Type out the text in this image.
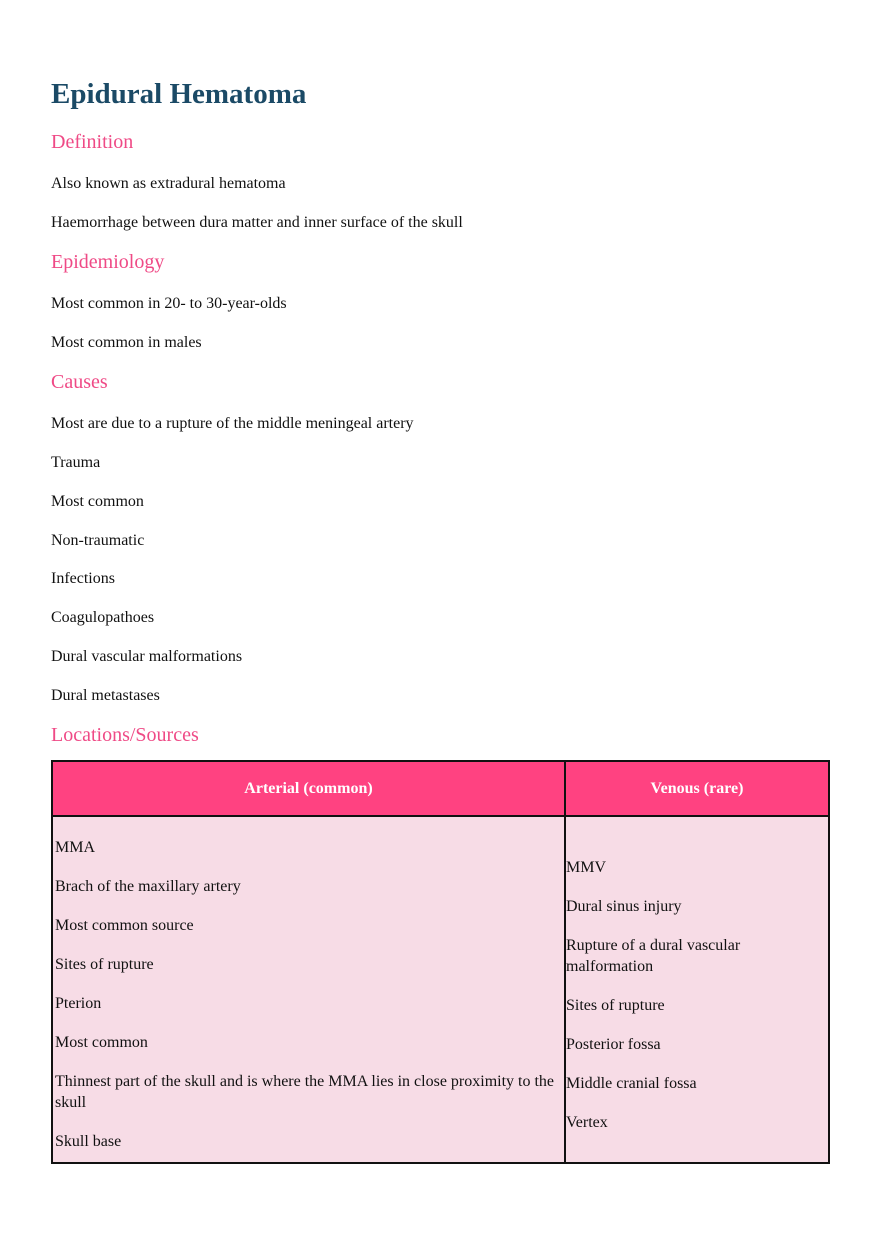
Epidural Hematoma
Definition

Also known as extradural hematoma

Haemorrhage between dura matter and inner surface of the skull

Epidemiology

Most common in 20- to 30-year-olds

Most common in males

Causes

Most are due to a rupture of the middle meningeal artery

Trauma

Most common

Non-traumatic

Infections

Coagulopathoes

Dural vascular malformations

Dural metastases

Locations/Sources
Arterial (common)	Venous (rare)

MMA

Brach of the maxillary artery

Most common source

Sites of rupture

Pterion

Most common

Thinnest part of the skull and is where the MMA lies in close proximity to the skull

Skull base

MMV

Dural sinus injury

Rupture of a dural vascular malformation

Sites of rupture

Posterior fossa

Middle cranial fossa

Vertex
